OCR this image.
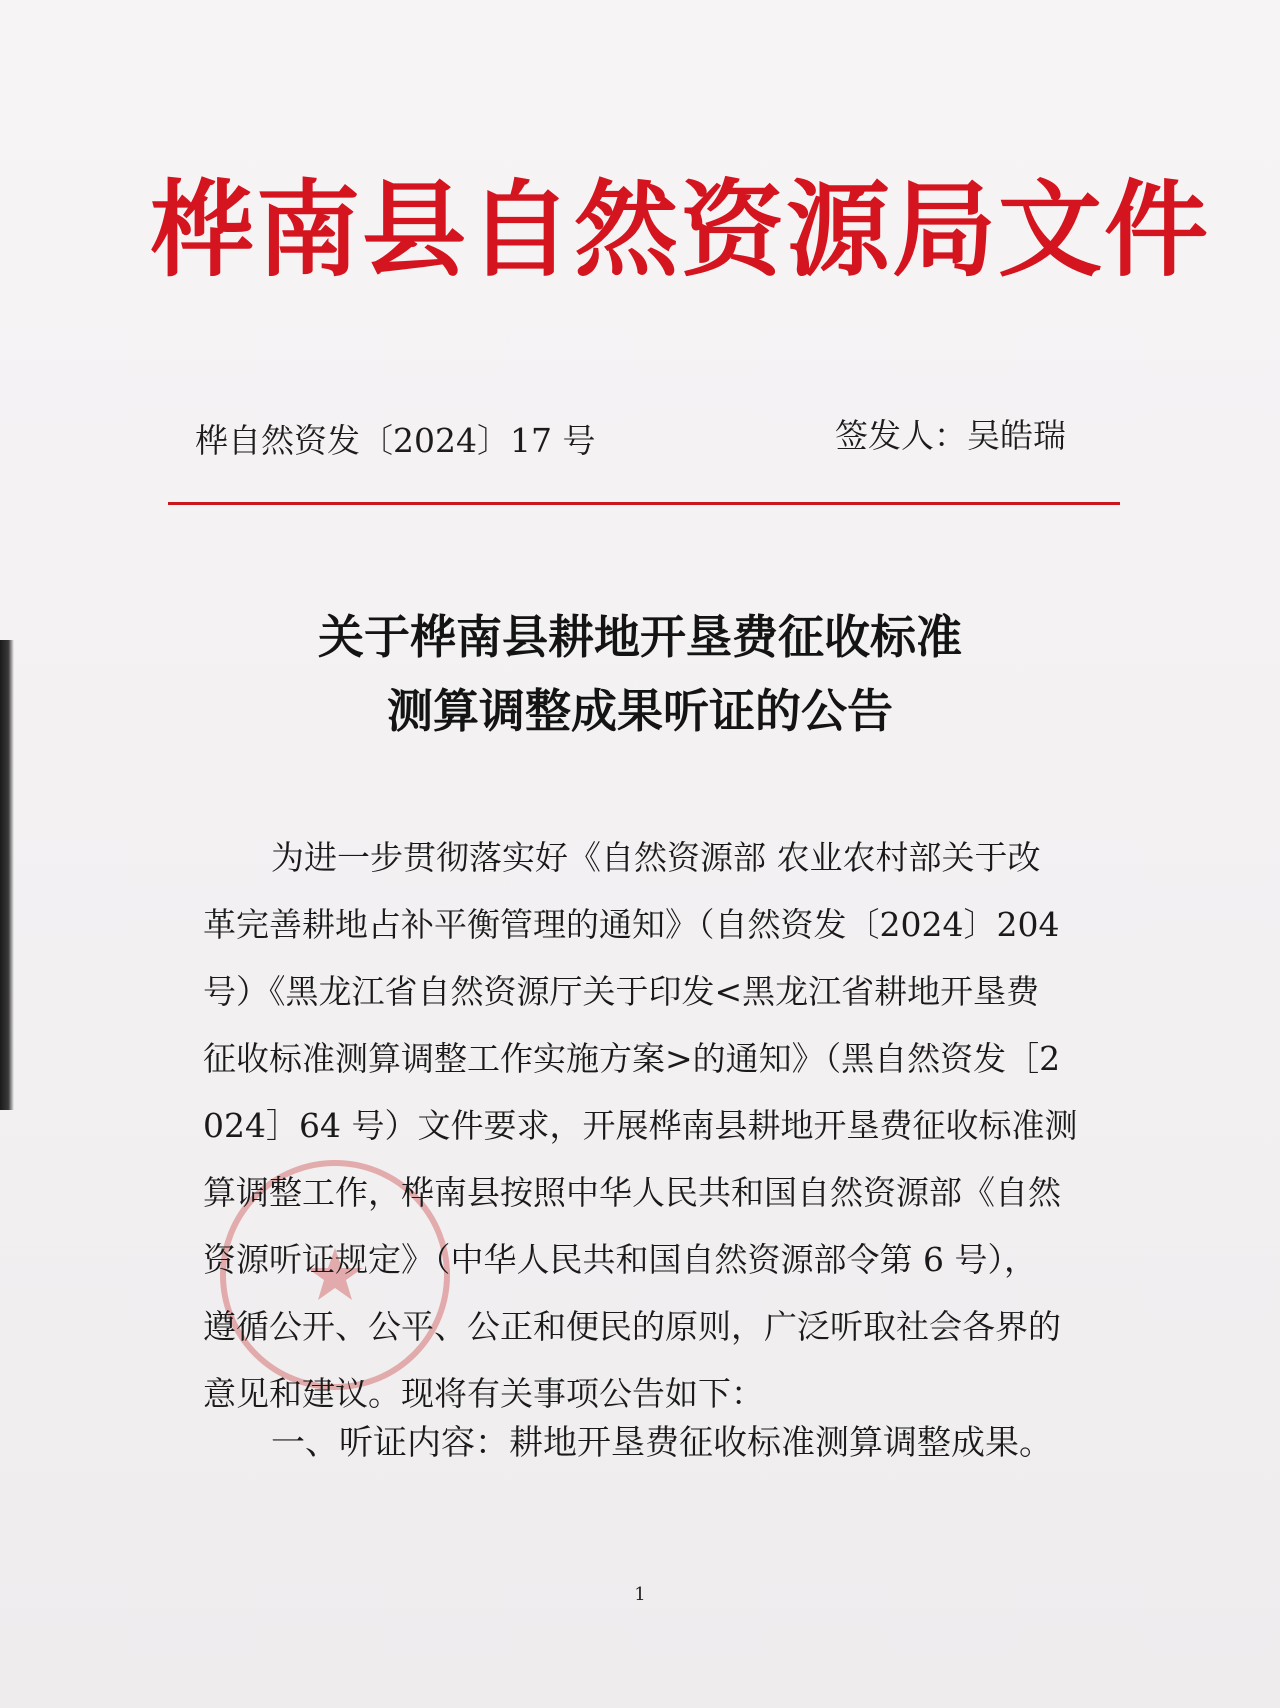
桦南县自然资源局文件
桦自然资发〔2024〕17 号	签发人：吴皓瑞
关于桦南县耕地开垦费征收标准
测算调整成果听证的公告
为进一步贯彻落实好《自然资源部 农业农村部关于改
革完善耕地占补平衡管理的通知》（自然资发〔2024〕204
号）《黑龙江省自然资源厅关于印发<黑龙江省耕地开垦费
征收标准测算调整工作实施方案>的通知》（黑自然资发［2
024］64 号）文件要求，开展桦南县耕地开垦费征收标准测
算调整工作，桦南县按照中华人民共和国自然资源部《自然
资源听证规定》（中华人民共和国自然资源部令第 6 号），
遵循公开、公平、公正和便民的原则，广泛听取社会各界的
意见和建议。现将有关事项公告如下：
一、听证内容：耕地开垦费征收标准测算调整成果。
1
